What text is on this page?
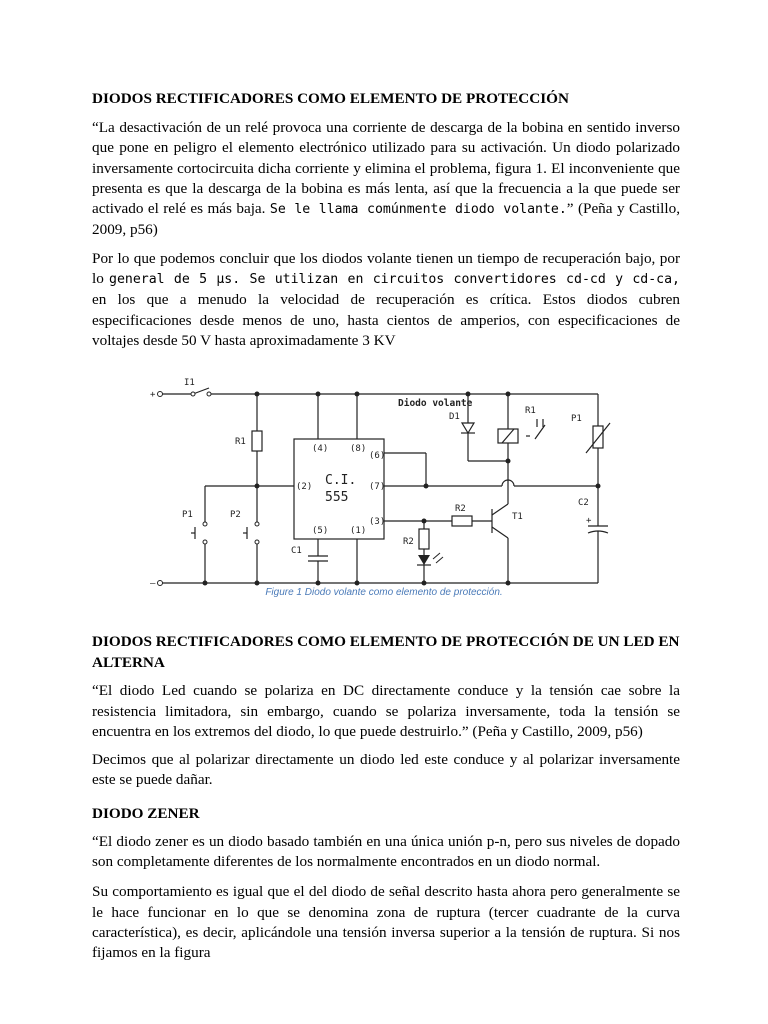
DIODOS RECTIFICADORES COMO ELEMENTO DE PROTECCIÓN

“La desactivación de un relé provoca una corriente de descarga de la bobina en sentido inverso que pone en peligro el elemento electrónico utilizado para su activación. Un diodo polarizado inversamente cortocircuita dicha corriente y elimina el problema, figura 1. El inconveniente que presenta es que la descarga de la bobina es más lenta, así que la frecuencia a la que puede ser activado el relé es más baja. Se le llama comúnmente diodo volante.” (Peña y Castillo, 2009, p56)

Por lo que podemos concluir que los diodos volante tienen un tiempo de recuperación bajo, por lo general de 5 µs. Se utilizan en circuitos convertidores cd-cd y cd-ca, en los que a menudo la velocidad de recuperación es crítica. Estos diodos cubren especificaciones desde menos de uno, hasta cientos de amperios, con especificaciones de voltajes desde 50 V hasta aproximadamente 3 KV

+
–
I1
R1
P1	P2
C1
(4) (8)
(6)
(2)	(7)
(3)
(5) (1)
C.I.
555
R2
R2
T1
D1
R1
P1
C2
+
Diodo volante
Figure 1 Diodo volante como elemento de protección.
DIODOS RECTIFICADORES COMO ELEMENTO DE PROTECCIÓN DE UN LED EN ALTERNA

“El diodo Led cuando se polariza en DC directamente conduce y la tensión cae sobre la resistencia limitadora, sin embargo, cuando se polariza inversamente, toda la tensión se encuentra en los extremos del diodo, lo que puede destruirlo.” (Peña y Castillo, 2009, p56)

Decimos que al polarizar directamente un diodo led este conduce y al polarizar inversamente este se puede dañar.

DIODO ZENER

“El diodo zener es un diodo basado también en una única unión p-n, pero sus niveles de dopado son completamente diferentes de los normalmente encontrados en un diodo normal.

Su comportamiento es igual que el del diodo de señal descrito hasta ahora pero generalmente se le hace funcionar en lo que se denomina zona de ruptura (tercer cuadrante de la curva característica), es decir, aplicándole una tensión inversa superior a la tensión de ruptura. Si nos fijamos en la figura
